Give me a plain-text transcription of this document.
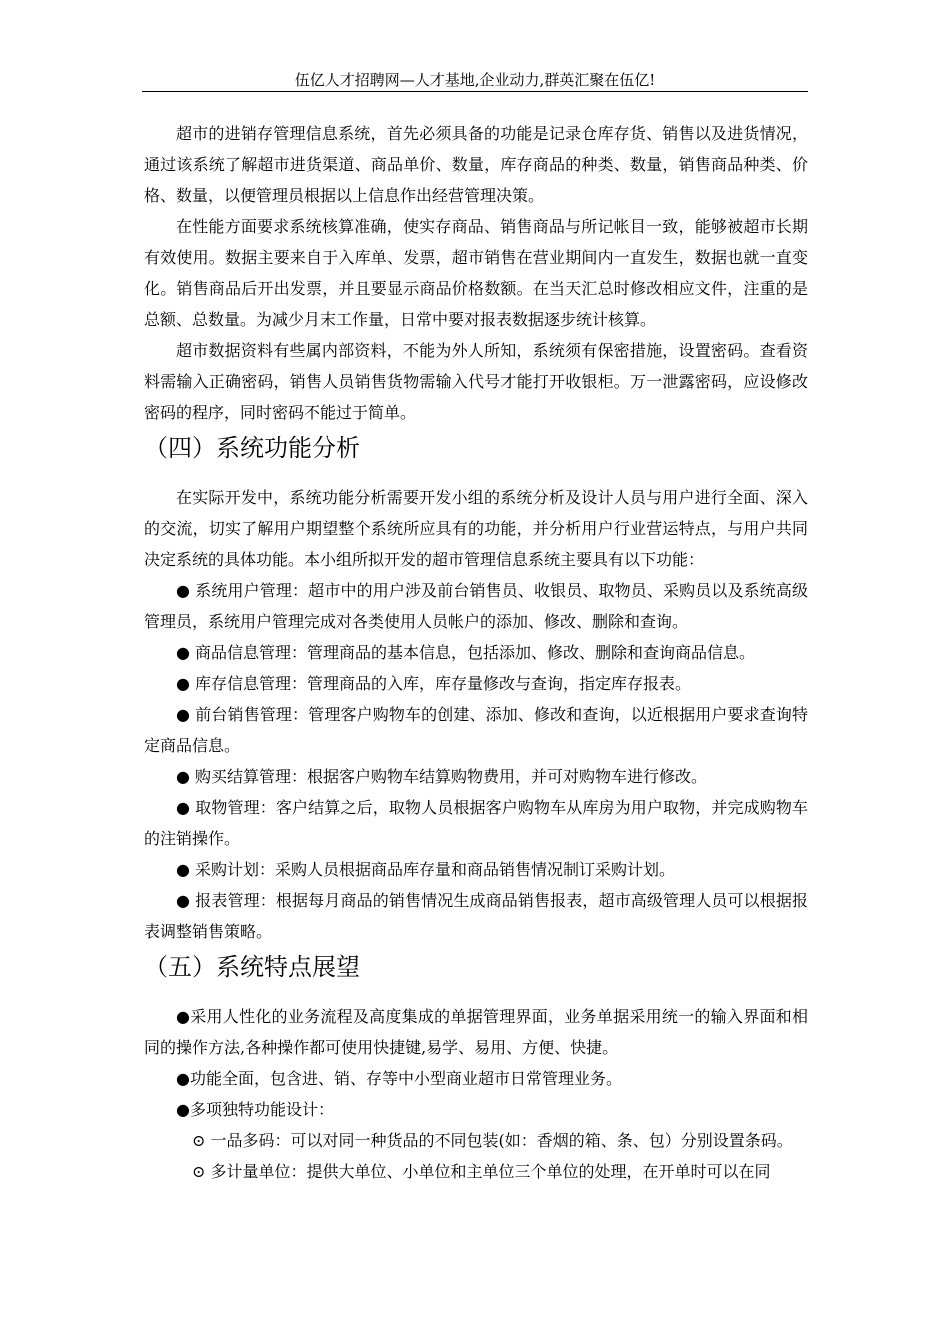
伍亿人才招聘网—人才基地,企业动力,群英汇聚在伍亿!

超市的进销存管理信息系统，首先必须具备的功能是记录仓库存货、销售以及进货情况，通过该系统了解超市进货渠道、商品单价、数量，库存商品的种类、数量，销售商品种类、价格、数量，以便管理员根据以上信息作出经营管理决策。

在性能方面要求系统核算准确，使实存商品、销售商品与所记帐目一致，能够被超市长期有效使用。数据主要来自于入库单、发票，超市销售在营业期间内一直发生，数据也就一直变化。销售商品后开出发票，并且要显示商品价格数额。在当天汇总时修改相应文件，注重的是总额、总数量。为减少月末工作量，日常中要对报表数据逐步统计核算。

超市数据资料有些属内部资料，不能为外人所知，系统须有保密措施，设置密码。查看资料需输入正确密码，销售人员销售货物需输入代号才能打开收银柜。万一泄露密码，应设修改密码的程序，同时密码不能过于简单。

（四）系统功能分析

在实际开发中，系统功能分析需要开发小组的系统分析及设计人员与用户进行全面、深入的交流，切实了解用户期望整个系统所应具有的功能，并分析用户行业营运特点，与用户共同决定系统的具体功能。本小组所拟开发的超市管理信息系统主要具有以下功能：

● 系统用户管理：超市中的用户涉及前台销售员、收银员、取物员、采购员以及系统高级管理员，系统用户管理完成对各类使用人员帐户的添加、修改、删除和查询。

● 商品信息管理：管理商品的基本信息，包括添加、修改、删除和查询商品信息。

● 库存信息管理：管理商品的入库，库存量修改与查询，指定库存报表。

● 前台销售管理：管理客户购物车的创建、添加、修改和查询，以近根据用户要求查询特定商品信息。

● 购买结算管理：根据客户购物车结算购物费用，并可对购物车进行修改。

● 取物管理：客户结算之后，取物人员根据客户购物车从库房为用户取物，并完成购物车的注销操作。

● 采购计划：采购人员根据商品库存量和商品销售情况制订采购计划。

● 报表管理：根据每月商品的销售情况生成商品销售报表，超市高级管理人员可以根据报表调整销售策略。

（五）系统特点展望

●采用人性化的业务流程及高度集成的单据管理界面，业务单据采用统一的输入界面和相同的操作方法,各种操作都可使用快捷键,易学、易用、方便、快捷。

●功能全面，包含进、销、存等中小型商业超市日常管理业务。

●多项独特功能设计：

⊙ 一品多码：可以对同一种货品的不同包装(如：香烟的箱、条、包）分别设置条码。

⊙ 多计量单位：提供大单位、小单位和主单位三个单位的处理，在开单时可以在同
